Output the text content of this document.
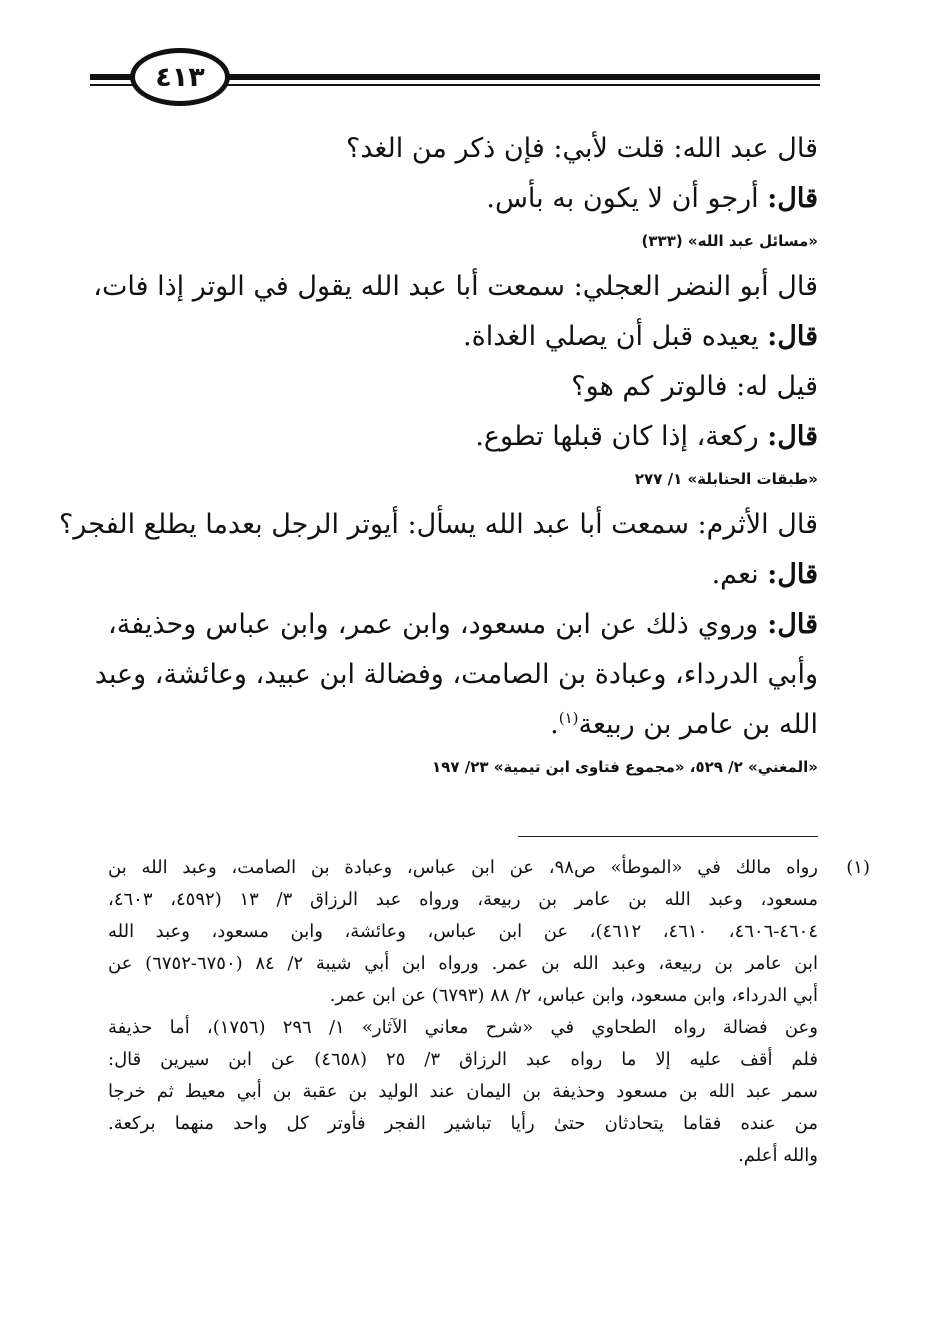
٤١٣
قال عبد الله: قلت لأبي: فإن ذكر من الغد؟
قال: أرجو أن لا يكون به بأس.
«مسائل عبد الله» (٣٣٣)
قال أبو النضر العجلي: سمعت أبا عبد الله يقول في الوتر إذا فات،
قال: يعيده قبل أن يصلي الغداة.
قيل له: فالوتر كم هو؟
قال: ركعة، إذا كان قبلها تطوع.
«طبقات الحنابلة» ١/ ٢٧٧
قال الأثرم: سمعت أبا عبد الله يسأل: أيوتر الرجل بعدما يطلع الفجر؟
قال: نعم.
قال: وروي ذلك عن ابن مسعود، وابن عمر، وابن عباس وحذيفة،
وأبي الدرداء، وعبادة بن الصامت، وفضالة ابن عبيد، وعائشة، وعبد
الله بن عامر بن ربيعة$^{(١)}$.
«المغني» ٢/ ٥٢٩، «مجموع فتاوى ابن تيمية» ٢٣/ ١٩٧
(١)
رواه مالك في «الموطأ» ص٩٨، عن ابن عباس، وعبادة بن الصامت، وعبد الله بن
مسعود، وعبد الله بن عامر بن ربيعة، ورواه عبد الرزاق ٣/ ١٣ (٤٥٩٢، ٤٦٠٣،
٤٦٠٤-٤٦٠٦، ٤٦١٠، ٤٦١٢)، عن ابن عباس، وعائشة، وابن مسعود، وعبد الله
ابن عامر بن ربيعة، وعبد الله بن عمر. ورواه ابن أبي شيبة ٢/ ٨٤ (٦٧٥٠-٦٧٥٢) عن
أبي الدرداء، وابن مسعود، وابن عباس، ٢/ ٨٨ (٦٧٩٣) عن ابن عمر.
وعن فضالة رواه الطحاوي في «شرح معاني الآثار» ١/ ٢٩٦ (١٧٥٦)، أما حذيفة
فلم أقف عليه إلا ما رواه عبد الرزاق ٣/ ٢٥ (٤٦٥٨) عن ابن سيرين قال:
سمر عبد الله بن مسعود وحذيفة بن اليمان عند الوليد بن عقبة بن أبي معيط ثم خرجا
من عنده فقاما يتحادثان حتىٰ رأيا تباشير الفجر فأوتر كل واحد منهما بركعة.
والله أعلم.
